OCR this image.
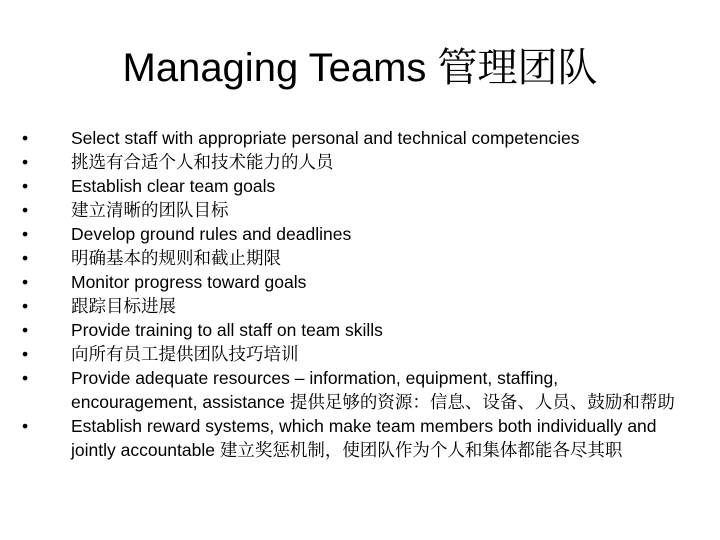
Managing Teams 管理团队
•	Select staff with appropriate personal and technical competencies
•	挑选有合适个人和技术能力的人员
•	Establish clear team goals
•	建立清晰的团队目标
•	Develop ground rules and deadlines
•	明确基本的规则和截止期限
•	Monitor progress toward goals
•	跟踪目标进展
•	Provide training to all staff on team skills
•	向所有员工提供团队技巧培训
•	Provide adequate resources – information, equipment, staffing, encouragement, assistance 提供足够的资源：信息、设备、人员、鼓励和帮助
•	Establish reward systems, which make team members both individually and jointly accountable 建立奖惩机制，使团队作为个人和集体都能各尽其职
